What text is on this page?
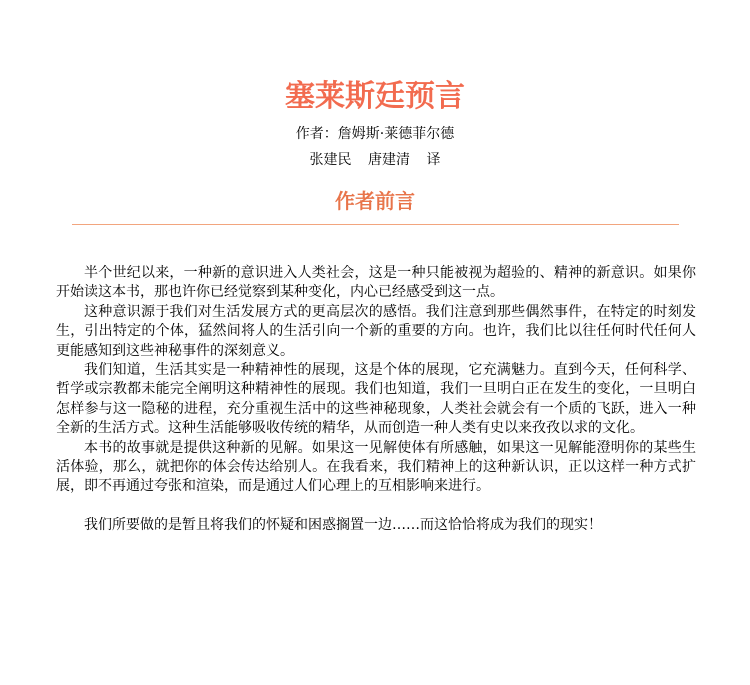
塞莱斯廷预言
作者：詹姆斯·莱德菲尔德
张建民 唐建清 译
作者前言

半个世纪以来，一种新的意识进入人类社会，这是一种只能被视为超验的、精神的新意识。如果你开始读这本书，那也许你已经觉察到某种变化，内心已经感受到这一点。

这种意识源于我们对生活发展方式的更高层次的感悟。我们注意到那些偶然事件，在特定的时刻发生，引出特定的个体，猛然间将人的生活引向一个新的重要的方向。也许，我们比以往任何时代任何人更能感知到这些神秘事件的深刻意义。

我们知道，生活其实是一种精神性的展现，这是个体的展现，它充满魅力。直到今天，任何科学、哲学或宗教都未能完全阐明这种精神性的展现。我们也知道，我们一旦明白正在发生的变化，一旦明白怎样参与这一隐秘的进程，充分重视生活中的这些神秘现象，人类社会就会有一个质的飞跃，进入一种全新的生活方式。这种生活能够吸收传统的精华，从而创造一种人类有史以来孜孜以求的文化。

本书的故事就是提供这种新的见解。如果这一见解使体有所感触，如果这一见解能澄明你的某些生活体验，那么，就把你的体会传达给别人。在我看来，我们精神上的这种新认识，正以这样一种方式扩展，即不再通过夸张和渲染，而是通过人们心理上的互相影响来进行。

我们所要做的是暂且将我们的怀疑和困惑搁置一边……而这恰恰将成为我们的现实！
